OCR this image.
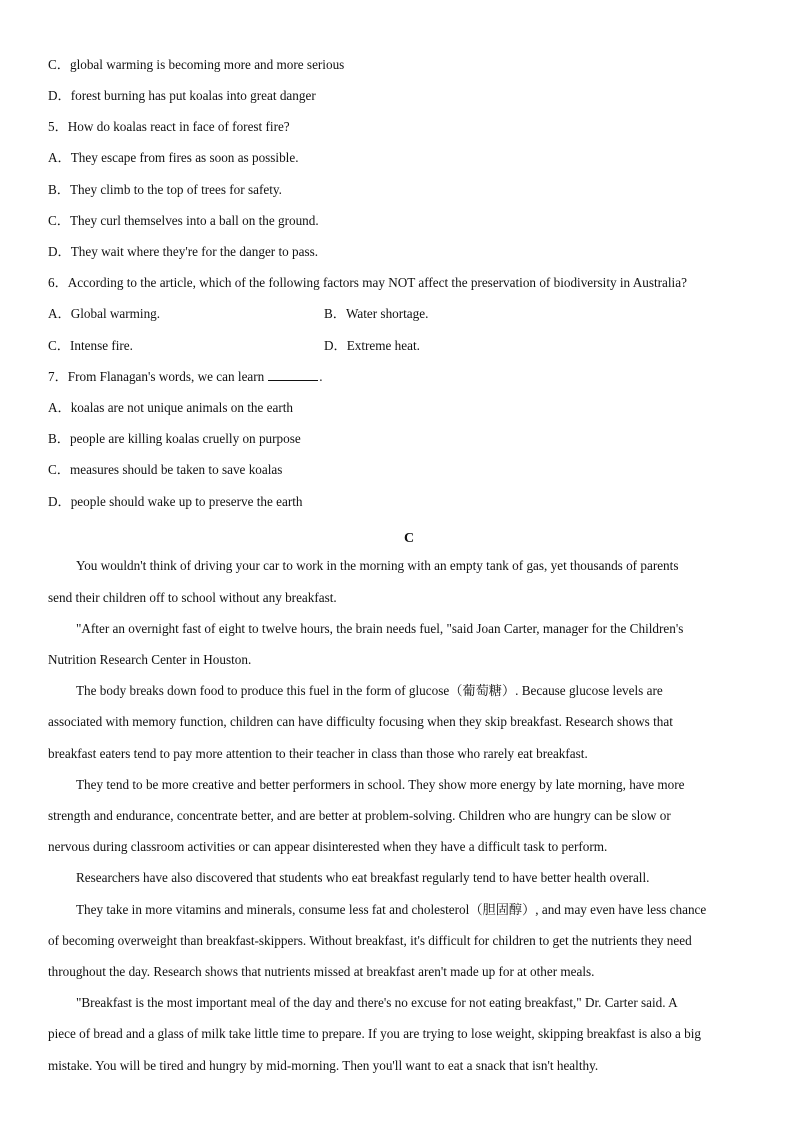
C．global warming is becoming more and more serious
D．forest burning has put koalas into great danger
5．How do koalas react in face of forest fire?
A．They escape from fires as soon as possible.
B．They climb to the top of trees for safety.
C．They curl themselves into a ball on the ground.
D．They wait where they're for the danger to pass.
6．According to the article, which of the following factors may NOT affect the preservation of biodiversity in Australia?
A．Global warming.	B．Water shortage.
C．Intense fire.	D．Extreme heat.
7．From Flanagan's words, we can learn	.
A．koalas are not unique animals on the earth
B．people are killing koalas cruelly on purpose
C．measures should be taken to save koalas
D．people should wake up to preserve the earth
C
You wouldn't think of driving your car to work in the morning with an empty tank of gas, yet thousands of parents
send their children off to school without any breakfast.
"After an overnight fast of eight to twelve hours, the brain needs fuel, "said Joan Carter, manager for the Children's
Nutrition Research Center in Houston.
The body breaks down food to produce this fuel in the form of glucose（葡萄糖）. Because glucose levels are
associated with memory function, children can have difficulty focusing when they skip breakfast. Research shows that
breakfast eaters tend to pay more attention to their teacher in class than those who rarely eat breakfast.
They tend to be more creative and better performers in school. They show more energy by late morning, have more
strength and endurance, concentrate better, and are better at problem-solving. Children who are hungry can be slow or
nervous during classroom activities or can appear disinterested when they have a difficult task to perform.
Researchers have also discovered that students who eat breakfast regularly tend to have better health overall.
They take in more vitamins and minerals, consume less fat and cholesterol（胆固醇）, and may even have less chance
of becoming overweight than breakfast-skippers. Without breakfast, it's difficult for children to get the nutrients they need
throughout the day. Research shows that nutrients missed at breakfast aren't made up for at other meals.
"Breakfast is the most important meal of the day and there's no excuse for not eating breakfast," Dr. Carter said. A
piece of bread and a glass of milk take little time to prepare. If you are trying to lose weight, skipping breakfast is also a big
mistake. You will be tired and hungry by mid-morning. Then you'll want to eat a snack that isn't healthy.
